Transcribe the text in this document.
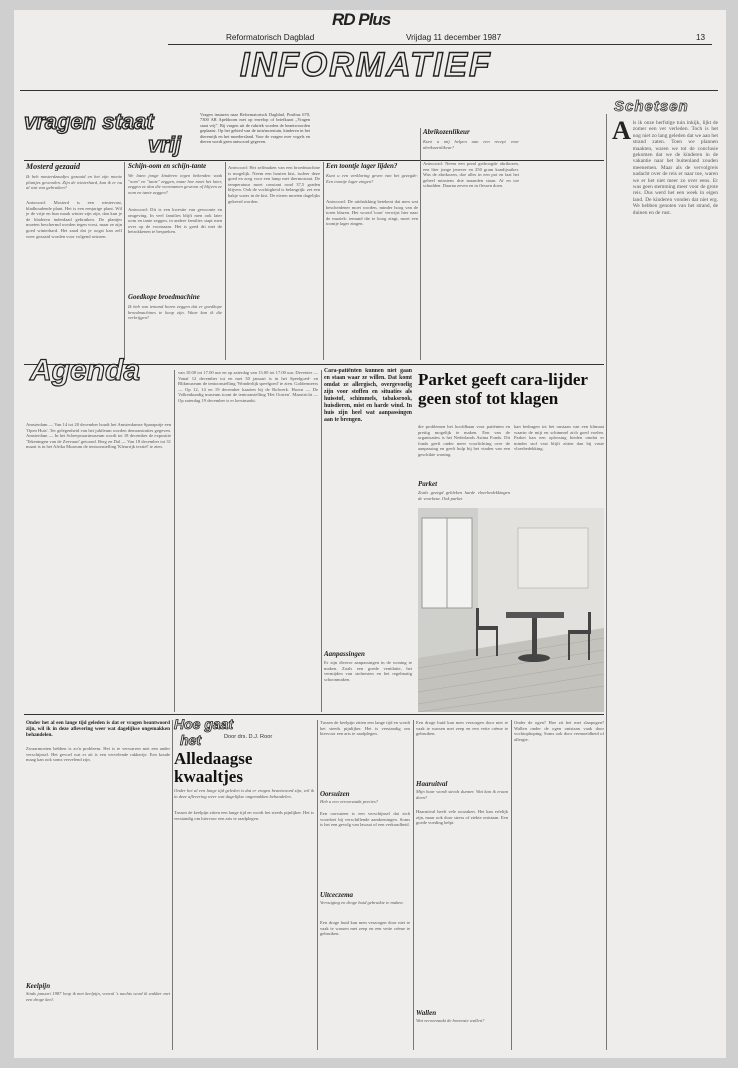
RD Plus
Reformatorisch Dagblad	Vrijdag 11 december 1987	13
INFORMATIEF
Schetsen
vragen staat
vrij
Vragen insturen naar Reformatorisch Dagblad, Postbus 670, 7300 AR Apeldoorn met op envelop of briefkaart „Vragen staat vrij”. Bij vragen uit de rubriek worden de beantwoorden geplaatst. Op het gebied van de tuin/moestuin, kinderen in het dierenrijk en het moedersland. Voor de vragen over vogels en dieren wordt geen antwoord gegeven.
Mosterd gezaaid
Ik heb mosterdzaadjes gezaaid en het zijn mooie plantjes geworden. Zijn de winterhard, kan ik er nu al wat van gebruiken?
Antwoord: Mosterd is een wintervast, bladhoudende plant. Het is een eenjarige plant. Wil je de vrije en hun maak winter zijn zijn, dan kun je de bladeren inderdaad gebruiken. De plantjes moeten beschermd worden tegen vorst, maar ze zijn goed winterhard. Het zaad dat je oogst kan zelf weer gezaaid worden voor volgend seizoen.
Schijn-oom en schijn-tante
We laten jonge kinderen tegen bekenden vaak "oom" en "tante" zeggen, maar hoe moet het later, zeggen ze dan die voornamen gewoon of blijven ze oom en tante zeggen?
Antwoord: Dit is een kwestie van gewoonte en omgeving. In veel families blijft men ook later oom en tante zeggen, in andere families stapt men over op de voornaam. Het is goed dit met de betrokkenen te bespreken.
Goedkope broedmachine
Ik heb van iemand horen zeggen dat er goedkope broedmachines te koop zijn. Waar kan ik die verkrijgen?
Antwoord: Het zelfmaken van een broedmachine is mogelijk. Neem een houten kist, isoleer deze goed en zorg voor een lamp met thermostaat. De temperatuur moet constant rond 37,5 graden blijven. Ook de vochtigheid is belangrijk: zet een bakje water in de kist. De eieren moeten dagelijks gekeerd worden.
Een toontje lager lijden?
Kunt u een verklaring geven van het gezegde: Een toontje lager zingen?
Antwoord: De uitdrukking betekent dat men wat bescheidener moet worden, minder hoog van de toren blazen. Het woord 'toon' verwijst hier naar de muziek: iemand die te hoog zingt, moet een toontje lager zingen.
Abrikozenlikeur
Kunt u mij helpen aan een recept voor abrikozenlikeur?
Antwoord: Neem een pond gedroogde abrikozen, een liter jonge jenever en 250 gram kandijsuiker. Was de abrikozen, doe alles in een pot en laat het geheel minstens drie maanden staan. Af en toe schudden. Daarna zeven en in flessen doen.
A ls ik onze herfstige tuin inkijk, lijkt de zomer een ver verleden. Toch is het nog niet zo lang geleden dat we aan het strand zaten. Toen we plannen maakten, waren we tot de conclusie gekomen dat we de kinderen in de vakantie naar het buitenland zouden meenemen. Maar als de vervolgreis nadacht over de reis er naar toe, waren we er het niet meer zo over eens. Er was geen stemming meer voor de grote reis. Dus werd het een week in eigen land. De kinderen vonden dat niet erg. We hebben genoten van het strand, de duinen en de rust.
Agenda
Amsterdam — Van 14 tot 20 december houdt het Amsterdamse Spaarpotje een 'Open Huis'. Ter gelegenheid van het jubileum worden demonstraties gegeven. Amsterdam — In het Scheepvaartmuseum wordt tot 18 december de expositie 'Tekeningen van de Zeevaart' getoond. Berg en Dal — Van 18 december tot 31 maart is in het Afrika Museum de tentoonstelling 'Kleurrijk textiel' te zien.
van 10.00 tot 17.00 uur en op zaterdag van 13.00 tot 17.00 uur. Deventer — Vanaf 12 december tot en met 30 januari is in het Speelgoed- en Blikmuseum de tentoonstelling 'Wonderlijk speelgoed' te zien. Goldermeers — Op 12, 14 en 19 december kaarten bij de Bolwerk. Hoorn — De Volkenkundig museum toont de tentoonstelling 'Het Oosten'. Maastricht — Op zaterdag 19 december is er kerstmarkt.
Cara-patiënten kunnen niet gaan en staan waar ze willen. Dat komt omdat ze allergisch, overgevoelig zijn voor stoffen en situaties als huisstof, schimmels, tabaksrook, huisdieren, mist en harde wind. In huis zijn heel wat aanpassingen aan te brengen.
Parket geeft cara-lijder geen stof tot klagen
die problemen het hoofdbaan voor patiënten en prettig mogelijk te maken. Een van de organisaties is het Nederlands Astma Fonds. Dit fonds geeft onder meer voorlichting over de aanpassing en geeft hulp bij het vinden van een geschikte woning.
kan bedragen tot het onstaan van een klimaat waarin de mijt en schimmel zich goed voelen. Parket kan een oplossing bieden omdat er minder stof vast blijft zitten dan bij vaste vloerbedekking.
Parket
Zoals gezegd gebleken harde vloerbedekkingen de voorkeur. Ook parket
Aanpassingen
Er zijn diverse aanpassingen in de woning te maken. Zoals een goede ventilatie, het vermijden van stofnesten en het regelmatig schoonmaken.
Hoe gaat
het	Door drs. D.J. Roor
Alledaagse
kwaaltjes
Onder het al een lange tijd geleden is dat er vragen beantwoord zijn, wil ik in deze aflevering weer wat dagelijkse ongemakken behandelen.
Onder het al een lange tijd geleden is dat er vragen beantwoord zijn, wil ik in deze aflevering weer wat dagelijkse ongemakken behandelen.
Zwaarmoeten hebben is zo'n probleem. Het is te verwarren met een ander verschijnsel. Het gevoel wat er zit is een vervelende rakkertje. Een koude maag kan ook soms vervelend zijn.
Keelpijn
Sinds januari 1987 loop ik met keelpijn, vooral 's nachts word ik wakker met een droge keel.
Tussen de keelpijn zitten een lange tijd en wordt het steeds pijnlijker. Het is verstandig om hiervoor een arts te raadplegen.
Tussen de keelpijn zitten een lange tijd en wordt het steeds pijnlijker. Het is verstandig om hiervoor een arts te raadplegen.
Oorsuizen
Heb u een veroorzaakt precies?
Een oorsuizen is een verschijnsel dat zich voordoet bij verschillende aandoeningen. Soms is het een gevolg van lawaai of een verkoudheid.
Uitceczema
Vervuiging en droge huid gebruikte te maken.
Een droge huid kan men verzorgen door niet te vaak te wassen met zeep en een vette crème te gebruiken.
Een droge huid kan men verzorgen door niet te vaak te wassen met zeep en een vette crème te gebruiken.
Haaruitval
Mijn haar wordt steeds dunner. Wat kan ik eraan doen?
Haaruitval heeft vele oorzaken. Het kan erfelijk zijn, maar ook door stress of ziekte ontstaan. Een goede voeding helpt.
Wallen
Wat veroorzaakt de bovenste wallen?
Onder de ogen? Hoe zit het met slaapogen? Wallen onder de ogen ontstaan vaak door vochtophoping. Soms ook door vermoeidheid of allergie.
